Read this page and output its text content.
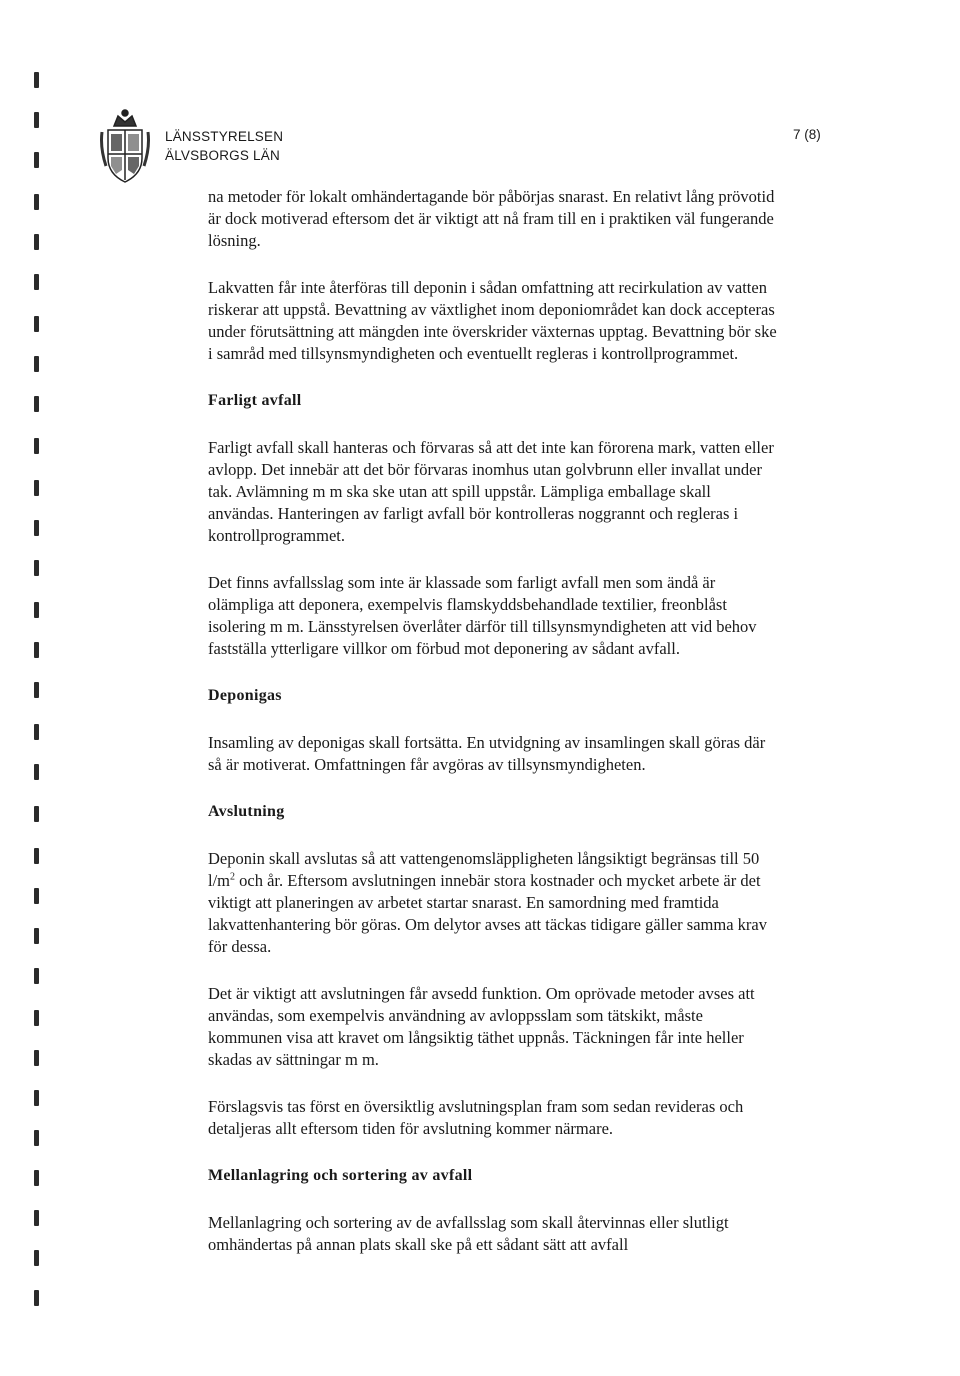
LÄNSSTYRELSEN
ÄLVSBORGS LÄN
7 (8)

na metoder för lokalt omhändertagande bör påbörjas snarast. En relativt lång prövotid är dock motiverad eftersom det är viktigt att nå fram till en i praktiken väl fungerande lösning.

Lakvatten får inte återföras till deponin i sådan omfattning att recirkulation av vatten riskerar att uppstå. Bevattning av växtlighet inom deponiområdet kan dock accepteras under förutsättning att mängden inte överskrider växternas upptag. Bevattning bör ske i samråd med tillsynsmyndigheten och eventuellt regleras i kontrollprogrammet.

Farligt avfall

Farligt avfall skall hanteras och förvaras så att det inte kan förorena mark, vatten eller avlopp. Det innebär att det bör förvaras inomhus utan golvbrunn eller invallat under tak. Avlämning m m ska ske utan att spill uppstår. Lämpliga emballage skall användas. Hanteringen av farligt avfall bör kontrolleras noggrannt och regleras i kontrollprogrammet.

Det finns avfallsslag som inte är klassade som farligt avfall men som ändå är olämpliga att deponera, exempelvis flamskyddsbehandlade textilier, freonblåst isolering m m. Länsstyrelsen överlåter därför till tillsynsmyndigheten att vid behov fastställa ytterligare villkor om förbud mot deponering av sådant avfall.

Deponigas

Insamling av deponigas skall fortsätta. En utvidgning av insamlingen skall göras där så är motiverat. Omfattningen får avgöras av tillsynsmyndigheten.

Avslutning

Deponin skall avslutas så att vattengenomsläppligheten långsiktigt begränsas till 50 $l/m^2$ och år. Eftersom avslutningen innebär stora kostnader och mycket arbete är det viktigt att planeringen av arbetet startar snarast. En samordning med framtida lakvattenhantering bör göras. Om delytor avses att täckas tidigare gäller samma krav för dessa.

Det är viktigt att avslutningen får avsedd funktion. Om oprövade metoder avses att användas, som exempelvis användning av avloppsslam som tätskikt, måste kommunen visa att kravet om långsiktig täthet uppnås. Täckningen får inte heller skadas av sättningar m m.

Förslagsvis tas först en översiktlig avslutningsplan fram som sedan revideras och detaljeras allt eftersom tiden för avslutning kommer närmare.

Mellanlagring och sortering av avfall

Mellanlagring och sortering av de avfallsslag som skall återvinnas eller slutligt omhändertas på annan plats skall ske på ett sådant sätt att avfall
